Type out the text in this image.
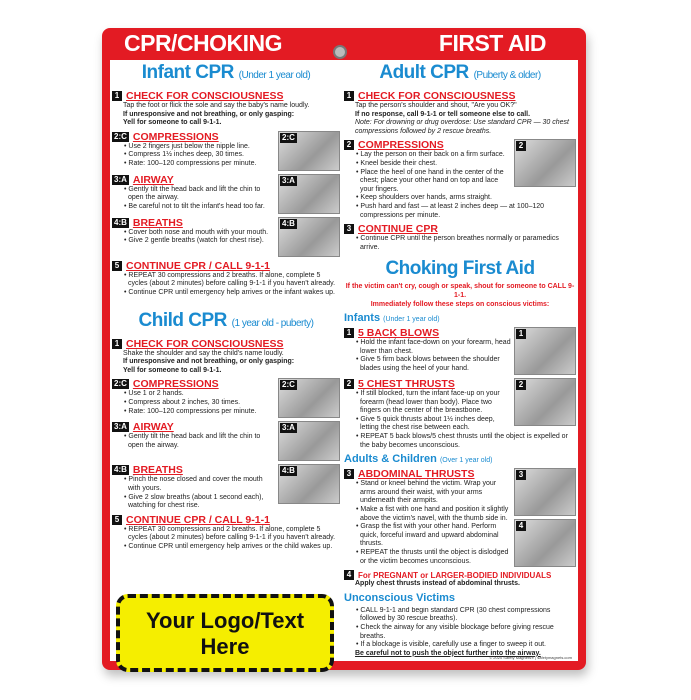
CPR/CHOKING	FIRST AID
Infant CPR (Under 1 year old)
1 CHECK FOR CONSCIOUSNESS
Tap the foot or flick the sole and say the baby's name loudly.
If unresponsive and not breathing, or only gasping:
Yell for someone to call 9-1-1.
2:C
2:C COMPRESSIONS
• Use 2 fingers just below the nipple line.
• Compress 1½ inches deep, 30 times.
• Rate: 100–120 compressions per minute.
3:A
3:A AIRWAY
• Gently tilt the head back and lift the chin to open the airway.
• Be careful not to tilt the infant's head too far.
4:B
4:B BREATHS
• Cover both nose and mouth with your mouth.
• Give 2 gentle breaths (watch for chest rise).
5 CONTINUE CPR / CALL 9-1-1
• REPEAT 30 compressions and 2 breaths. If alone, complete 5 cycles (about 2 minutes) before calling 9-1-1 if you haven't already.
• Continue CPR until emergency help arrives or the infant wakes up.
Child CPR (1 year old - puberty)
1 CHECK FOR CONSCIOUSNESS
Shake the shoulder and say the child's name loudly.
If unresponsive and not breathing, or only gasping:
Yell for someone to call 9-1-1.
2:C
2:C COMPRESSIONS
• Use 1 or 2 hands.
• Compress about 2 inches, 30 times.
• Rate: 100–120 compressions per minute.
3:A
3:A AIRWAY
• Gently tilt the head back and lift the chin to open the airway.
4:B
4:B BREATHS
• Pinch the nose closed and cover the mouth with yours.
• Give 2 slow breaths (about 1 second each), watching for chest rise.
5 CONTINUE CPR / CALL 9-1-1
• REPEAT 30 compressions and 2 breaths. If alone, complete 5 cycles (about 2 minutes) before calling 9-1-1 if you haven't already.
• Continue CPR until emergency help arrives or the child wakes up.
Adult CPR (Puberty & older)
1 CHECK FOR CONSCIOUSNESS
Tap the person's shoulder and shout, "Are you OK?"
If no response, call 9-1-1 or tell someone else to call.
Note: For drowning or drug overdose: Use standard CPR — 30 chest compressions followed by 2 rescue breaths.
2
2 COMPRESSIONS
• Lay the person on their back on a firm surface.
• Kneel beside their chest.
• Place the heel of one hand in the center of the chest; place your other hand on top and lace your fingers.
• Keep shoulders over hands, arms straight.
• Push hard and fast — at least 2 inches deep — at 100–120 compressions per minute.
3 CONTINUE CPR
• Continue CPR until the person breathes normally or paramedics arrive.
Choking First Aid
If the victim can't cry, cough or speak, shout for someone to CALL 9-1-1.
Immediately follow these steps on conscious victims:
Infants (Under 1 year old)
1
1 5 BACK BLOWS
• Hold the infant face-down on your forearm, head lower than chest.
• Give 5 firm back blows between the shoulder blades using the heel of your hand.
2
2 5 CHEST THRUSTS
• If still blocked, turn the infant face-up on your forearm (head lower than body). Place two fingers on the center of the breastbone.
• Give 5 quick thrusts about 1½ inches deep, letting the chest rise between each.
• REPEAT 5 back blows/5 chest thrusts until the object is expelled or the baby becomes unconscious.
Adults & Children (Over 1 year old)
3
4
3 ABDOMINAL THRUSTS
• Stand or kneel behind the victim. Wrap your arms around their waist, with your arms underneath their armpits.
• Make a fist with one hand and position it slightly above the victim's navel, with the thumb side in.
• Grasp the fist with your other hand. Perform quick, forceful inward and upward abdominal thrusts.
• REPEAT the thrusts until the object is dislodged or the victim becomes unconscious.
4 For PREGNANT or LARGER-BODIED INDIVIDUALS
Apply chest thrusts instead of abdominal thrusts.
Unconscious Victims
• CALL 9-1-1 and begin standard CPR (30 chest compressions followed by 30 rescue breaths).
• Check the airway for any visible blockage before giving rescue breaths.
• If a blockage is visible, carefully use a finger to sweep it out.
Be careful not to push the object further into the airway.
Your Logo/Text
Here	© 2020 Safety Magnets® | safetymagnets.com
